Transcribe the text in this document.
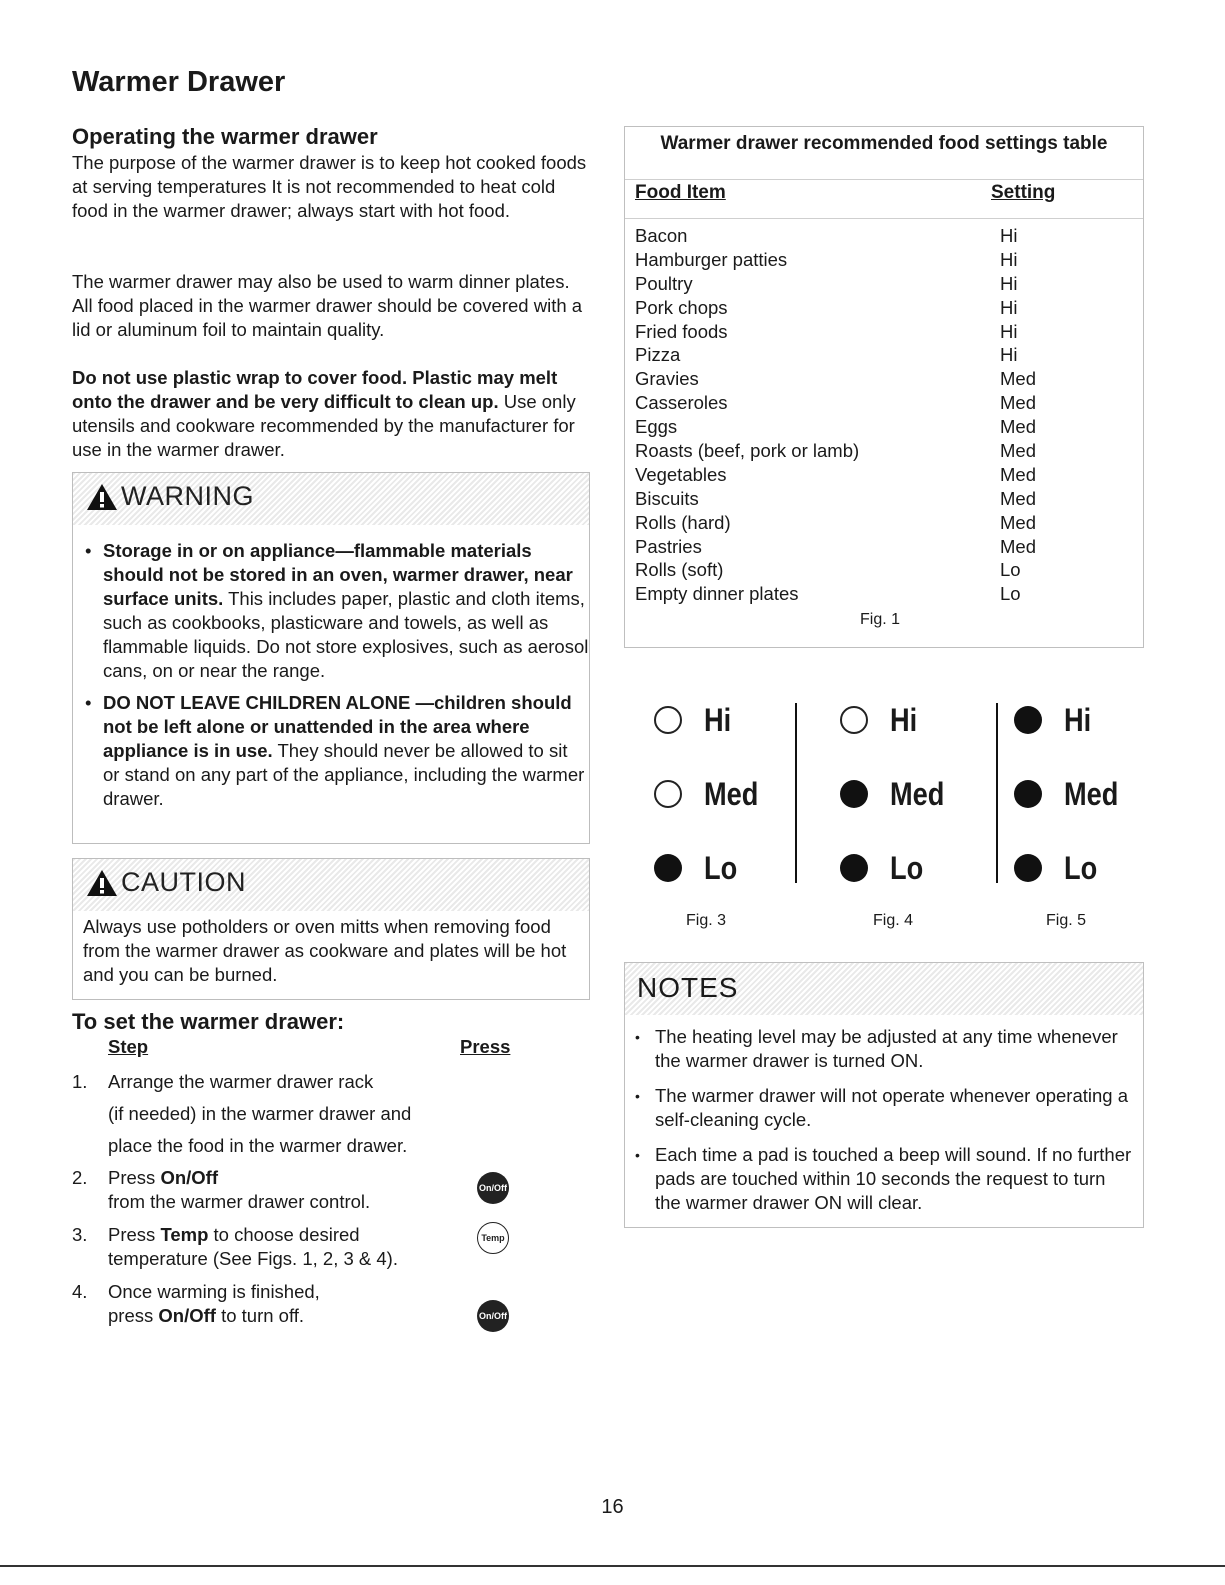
Warmer Drawer
Operating the warmer drawer

The purpose of the warmer drawer is to keep hot cooked foods at serving temperatures It is not recommended to heat cold food in the warmer drawer; always start with hot food.

The warmer drawer may also be used to warm dinner plates. All food placed in the warmer drawer should be covered with a lid or aluminum foil to maintain quality.

Do not use plastic wrap to cover food. Plastic may melt onto the drawer and be very difficult to clean up. Use only utensils and cookware recommended by the manufacturer for use in the warmer drawer.

WARNING
• Storage in or on appliance—flammable materials should not be stored in an oven, warmer drawer, near surface units. This includes paper, plastic and cloth items, such as cookbooks, plasticware and towels, as well as flammable liquids. Do not store explosives, such as aerosol cans, on or near the range.
• DO NOT LEAVE CHILDREN ALONE —children should not be left alone or unattended in the area where appliance is in use. They should never be allowed to sit or stand on any part of the appliance, including the warmer drawer.
CAUTION

Always use potholders or oven mitts when removing food from the warmer drawer as cookware and plates will be hot and you can be burned.

To set the warmer drawer:
Step	Press
1. Arrange the warmer drawer rack
(if needed) in the warmer drawer and
place the food in the warmer drawer.
2. Press On/Off
from the warmer drawer control.
On/Off
3. Press Temp to choose desired
temperature (See Figs. 1, 2, 3 & 4).
Temp
4. Once warming is finished,
press On/Off to turn off.	On/Off
Warmer drawer recommended food settings table
Food Item	Setting
Bacon	Hi
Hamburger patties	Hi
Poultry	Hi
Pork chops	Hi
Fried foods	Hi
Pizza	Hi
Gravies	Med
Casseroles	Med
Eggs	Med
Roasts (beef, pork or lamb)	Med
Vegetables	Med
Biscuits	Med
Rolls (hard)	Med
Pastries	Med
Rolls (soft)	Lo
Empty dinner plates	Lo
Fig. 1
Hi
Med
Lo
Fig. 3
Hi
Med
Lo
Fig. 4
Hi
Med
Lo
Fig. 5
NOTES
• The heating level may be adjusted at any time whenever the warmer drawer is turned ON.
• The warmer drawer will not operate whenever operating a self-cleaning cycle.
• Each time a pad is touched a beep will sound. If no further pads are touched within 10 seconds the request to turn the warmer drawer ON will clear.
16
